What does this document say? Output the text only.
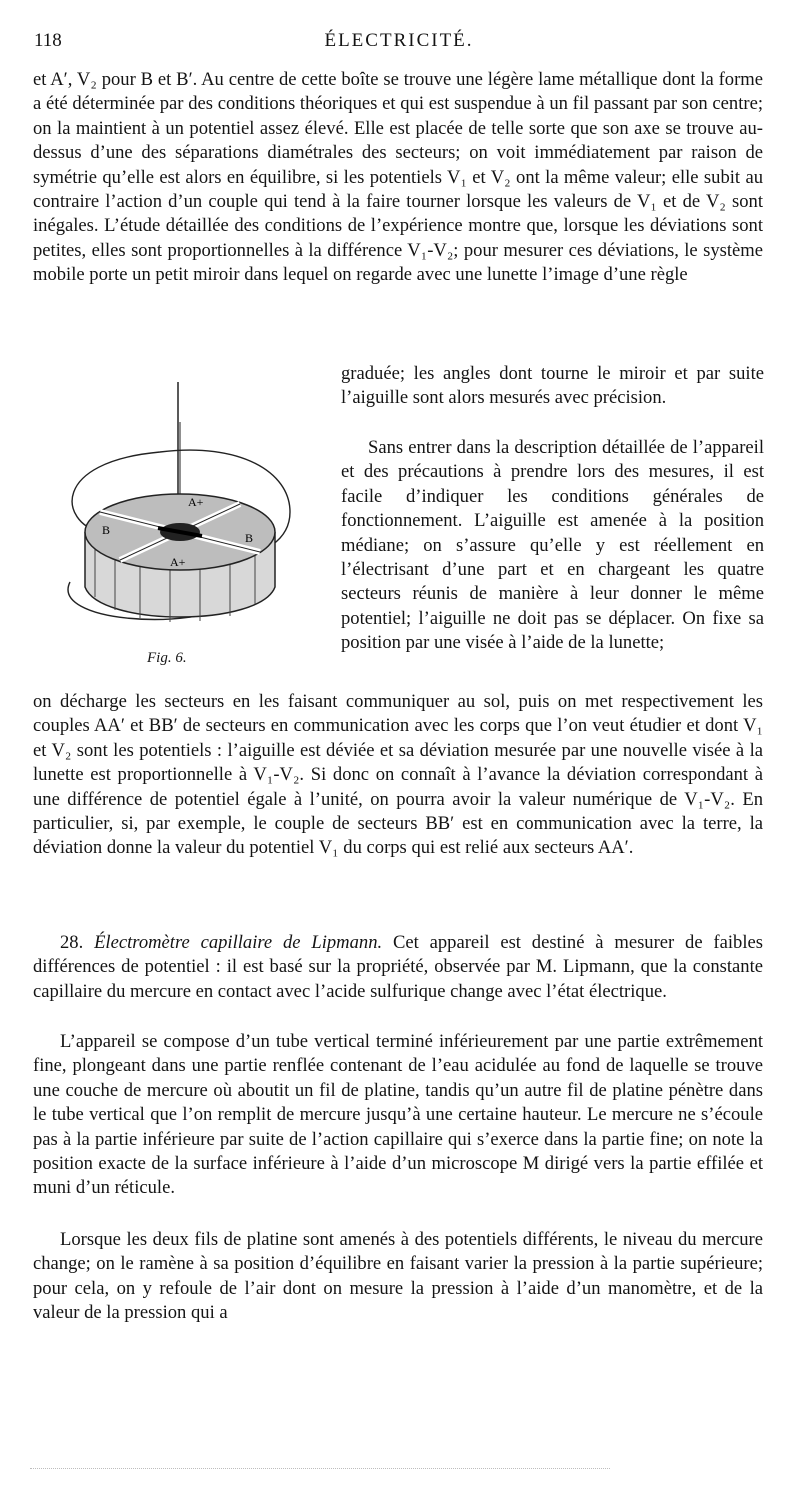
118	ÉLECTRICITÉ.

et A′, V₂ pour B et B′. Au centre de cette boîte se trouve une légère lame métallique dont la forme a été déterminée par des conditions théoriques et qui est suspendue à un fil passant par son centre; on la maintient à un potentiel assez élevé. Elle est placée de telle sorte que son axe se trouve au-dessus d’une des séparations diamétrales des secteurs; on voit immédiatement par raison de symétrie qu’elle est alors en équilibre, si les potentiels V₁ et V₂ ont la même valeur; elle subit au contraire l’action d’un couple qui tend à la faire tourner lorsque les valeurs de V₁ et de V₂ sont inégales. L’étude détaillée des conditions de l’expérience montre que, lorsque les déviations sont petites, elles sont proportionnelles à la différence V₁-V₂; pour mesurer ces déviations, le système mobile porte un petit miroir dans lequel on regarde avec une lunette l’image d’une règle

graduée; les angles dont tourne le miroir et par suite l’aiguille sont alors mesurés avec précision.

Sans entrer dans la description détaillée de l’appareil et des précautions à prendre lors des mesures, il est facile d’indiquer les conditions générales de fonctionnement. L’aiguille est amenée à la position médiane; on s’assure qu’elle y est réellement en l’électrisant d’une part et en chargeant les quatre secteurs réunis de manière à leur donner le même potentiel; l’aiguille ne doit pas se déplacer. On fixe sa position par une visée à l’aide de la lunette;

A+
A+
B
B
Fig. 6.

on décharge les secteurs en les faisant communiquer au sol, puis on met respectivement les couples AA′ et BB′ de secteurs en communication avec les corps que l’on veut étudier et dont V₁ et V₂ sont les potentiels : l’aiguille est déviée et sa déviation mesurée par une nouvelle visée à la lunette est proportionnelle à V₁-V₂. Si donc on connaît à l’avance la déviation correspondant à une différence de potentiel égale à l’unité, on pourra avoir la valeur numérique de V₁-V₂. En particulier, si, par exemple, le couple de secteurs BB′ est en communication avec la terre, la déviation donne la valeur du potentiel V₁ du corps qui est relié aux secteurs AA′.

28. Électromètre capillaire de Lipmann. Cet appareil est destiné à mesurer de faibles différences de potentiel : il est basé sur la propriété, observée par M. Lipmann, que la constante capillaire du mercure en contact avec l’acide sulfurique change avec l’état électrique.

L’appareil se compose d’un tube vertical terminé inférieurement par une partie extrêmement fine, plongeant dans une partie renflée contenant de l’eau acidulée au fond de laquelle se trouve une couche de mercure où aboutit un fil de platine, tandis qu’un autre fil de platine pénètre dans le tube vertical que l’on remplit de mercure jusqu’à une certaine hauteur. Le mercure ne s’écoule pas à la partie inférieure par suite de l’action capillaire qui s’exerce dans la partie fine; on note la position exacte de la surface inférieure à l’aide d’un microscope M dirigé vers la partie effilée et muni d’un réticule.

Lorsque les deux fils de platine sont amenés à des potentiels différents, le niveau du mercure change; on le ramène à sa position d’équilibre en faisant varier la pression à la partie supérieure; pour cela, on y refoule de l’air dont on mesure la pression à l’aide d’un manomètre, et de la valeur de la pression qui a
